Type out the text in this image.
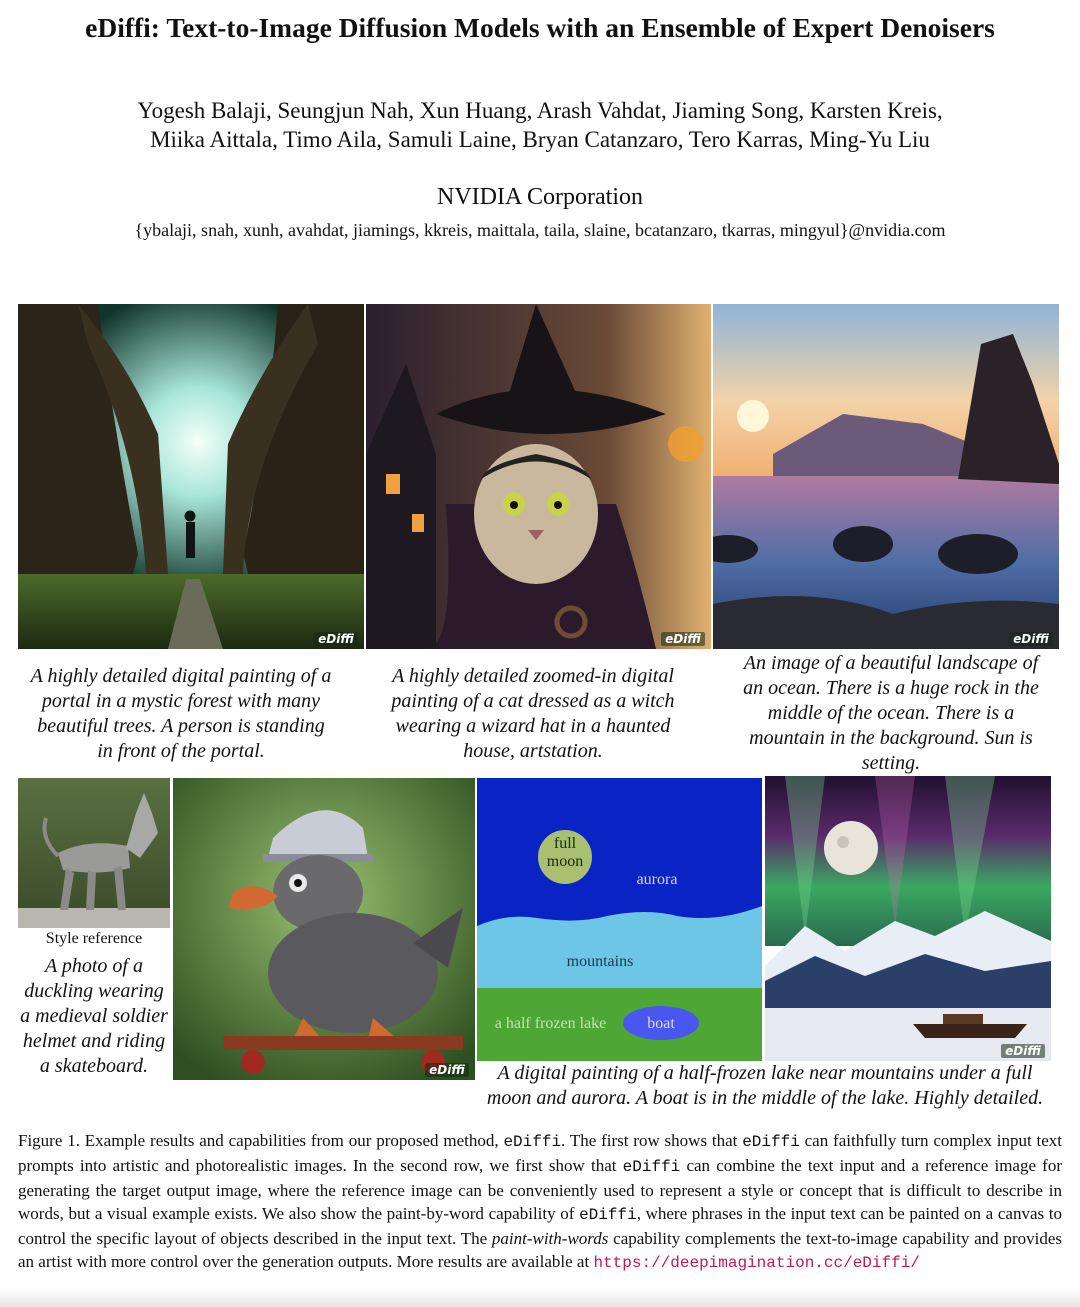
eDiffi: Text-to-Image Diffusion Models with an Ensemble of Expert Denoisers
Yogesh Balaji, Seungjun Nah, Xun Huang, Arash Vahdat, Jiaming Song, Karsten Kreis,
Miika Aittala, Timo Aila, Samuli Laine, Bryan Catanzaro, Tero Karras, Ming-Yu Liu
NVIDIA Corporation
{ybalaji, snah, xunh, avahdat, jiamings, kkreis, maittala, taila, slaine, bcatanzaro, tkarras, mingyul}@nvidia.com
eDiffi	eDiffi	eDiffi
A highly detailed digital painting of a
portal in a mystic forest with many
beautiful trees. A person is standing
in front of the portal.
A highly detailed zoomed-in digital
painting of a cat dressed as a witch
wearing a wizard hat in a haunted
house, artstation.
An image of a beautiful landscape of
an ocean. There is a huge rock in the
middle of the ocean. There is a
mountain in the background. Sun is
setting.
Style reference
A photo of a
duckling wearing
a medieval soldier
helmet and riding
a skateboard.	eDiffi
full
moon
aurora
mountains
a half frozen lake	boat
eDiffi
A digital painting of a half-frozen lake near mountains under a full
moon and aurora. A boat is in the middle of the lake. Highly detailed.
Figure 1. Example results and capabilities from our proposed method, eDiffi. The first row shows that eDiffi can faithfully turn complex input text prompts into artistic and photorealistic images. In the second row, we first show that eDiffi can combine the text input and a reference image for generating the target output image, where the reference image can be conveniently used to represent a style or concept that is difficult to describe in words, but a visual example exists. We also show the paint-by-word capability of eDiffi, where phrases in the input text can be painted on a canvas to control the specific layout of objects described in the input text. The paint-with-words capability complements the text-to-image capability and provides an artist with more control over the generation outputs. More results are available at https://deepimagination.cc/eDiffi/
